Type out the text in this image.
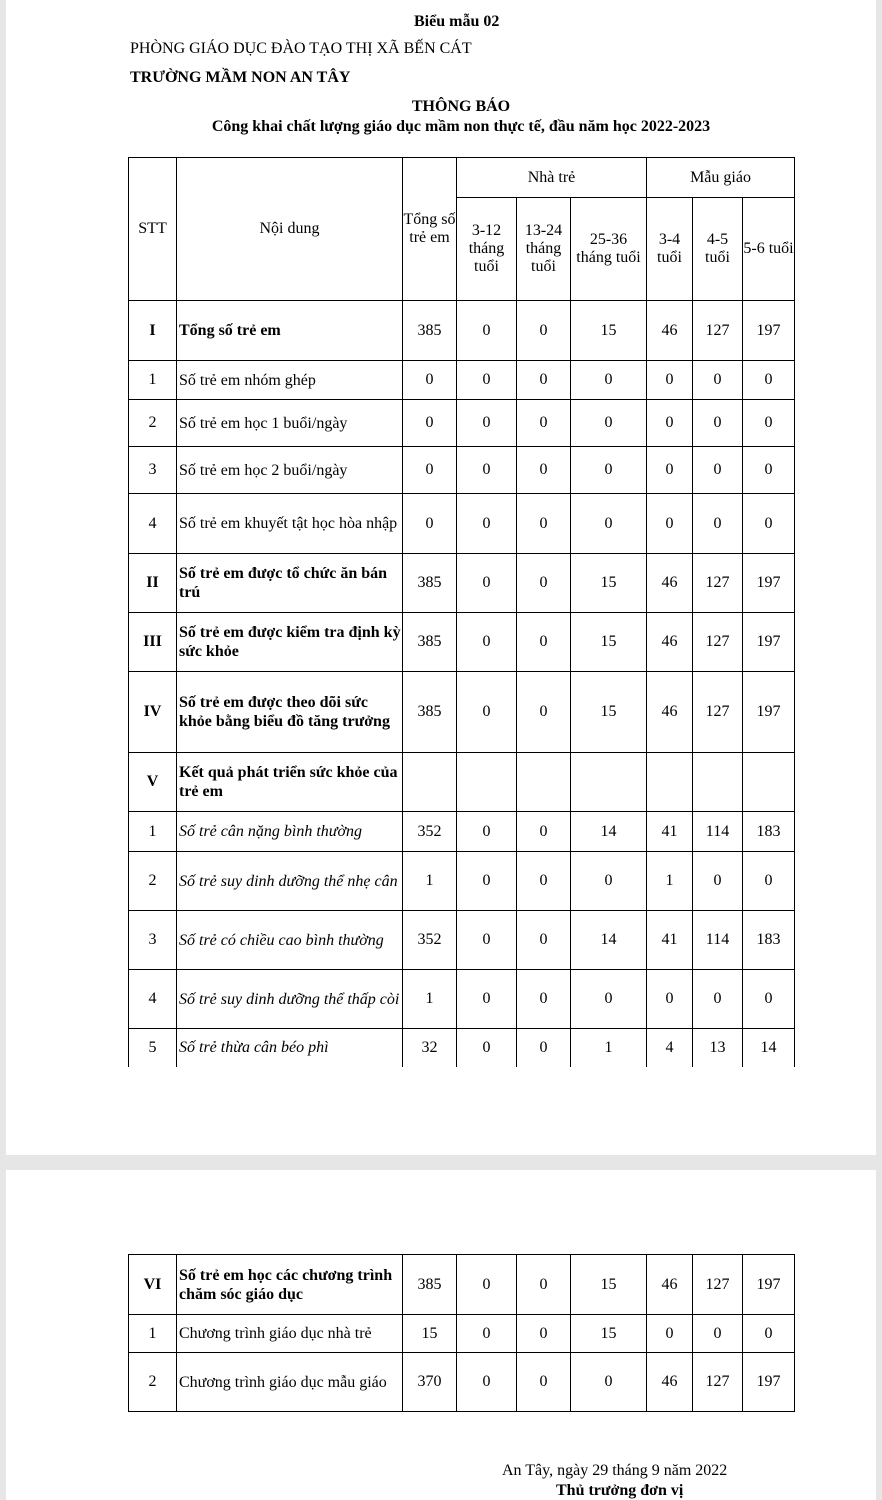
Biểu mẫu 02
PHÒNG GIÁO DỤC ĐÀO TẠO THỊ XÃ BẾN CÁT
TRƯỜNG MẦM NON AN TÂY
THÔNG BÁO
Công khai chất lượng giáo dục mầm non thực tế, đầu năm học 2022-2023
STT	Nội dung	Tổng số trẻ em	Nhà trẻ			Mẫu giáo		
			3-12 tháng tuổi	13-24 tháng tuổi	25-36 tháng tuổi	3-4 tuổi	4-5 tuổi	5-6 tuổi
I	Tổng số trẻ em	385	0	0	15	46	127	197
1	Số trẻ em nhóm ghép	0	0	0	0	0	0	0
2	Số trẻ em học 1 buổi/ngày	0	0	0	0	0	0	0
3	Số trẻ em học 2 buổi/ngày	0	0	0	0	0	0	0
4	Số trẻ em khuyết tật học hòa nhập	0	0	0	0	0	0	0
II	Số trẻ em được tổ chức ăn bán trú	385	0	0	15	46	127	197
III	Số trẻ em được kiểm tra định kỳ sức khỏe	385	0	0	15	46	127	197
IV	Số trẻ em được theo dõi sức khỏe bằng biểu đồ tăng trưởng	385	0	0	15	46	127	197
V	Kết quả phát triển sức khỏe của trẻ em							
1	Số trẻ cân nặng bình thường	352	0	0	14	41	114	183
2	Số trẻ suy dinh dưỡng thể nhẹ cân	1	0	0	0	1	0	0
3	Số trẻ có chiều cao bình thường	352	0	0	14	41	114	183
4	Số trẻ suy dinh dưỡng thể thấp còi	1	0	0	0	0	0	0
5	Số trẻ thừa cân béo phì	32	0	0	1	4	13	14
VI	Số trẻ em học các chương trình chăm sóc giáo dục	385	0	0	15	46	127	197
1	Chương trình giáo dục nhà trẻ	15	0	0	15	0	0	0
2	Chương trình giáo dục mẫu giáo	370	0	0	0	46	127	197
An Tây, ngày 29 tháng 9 năm 2022
Thủ trưởng đơn vị
